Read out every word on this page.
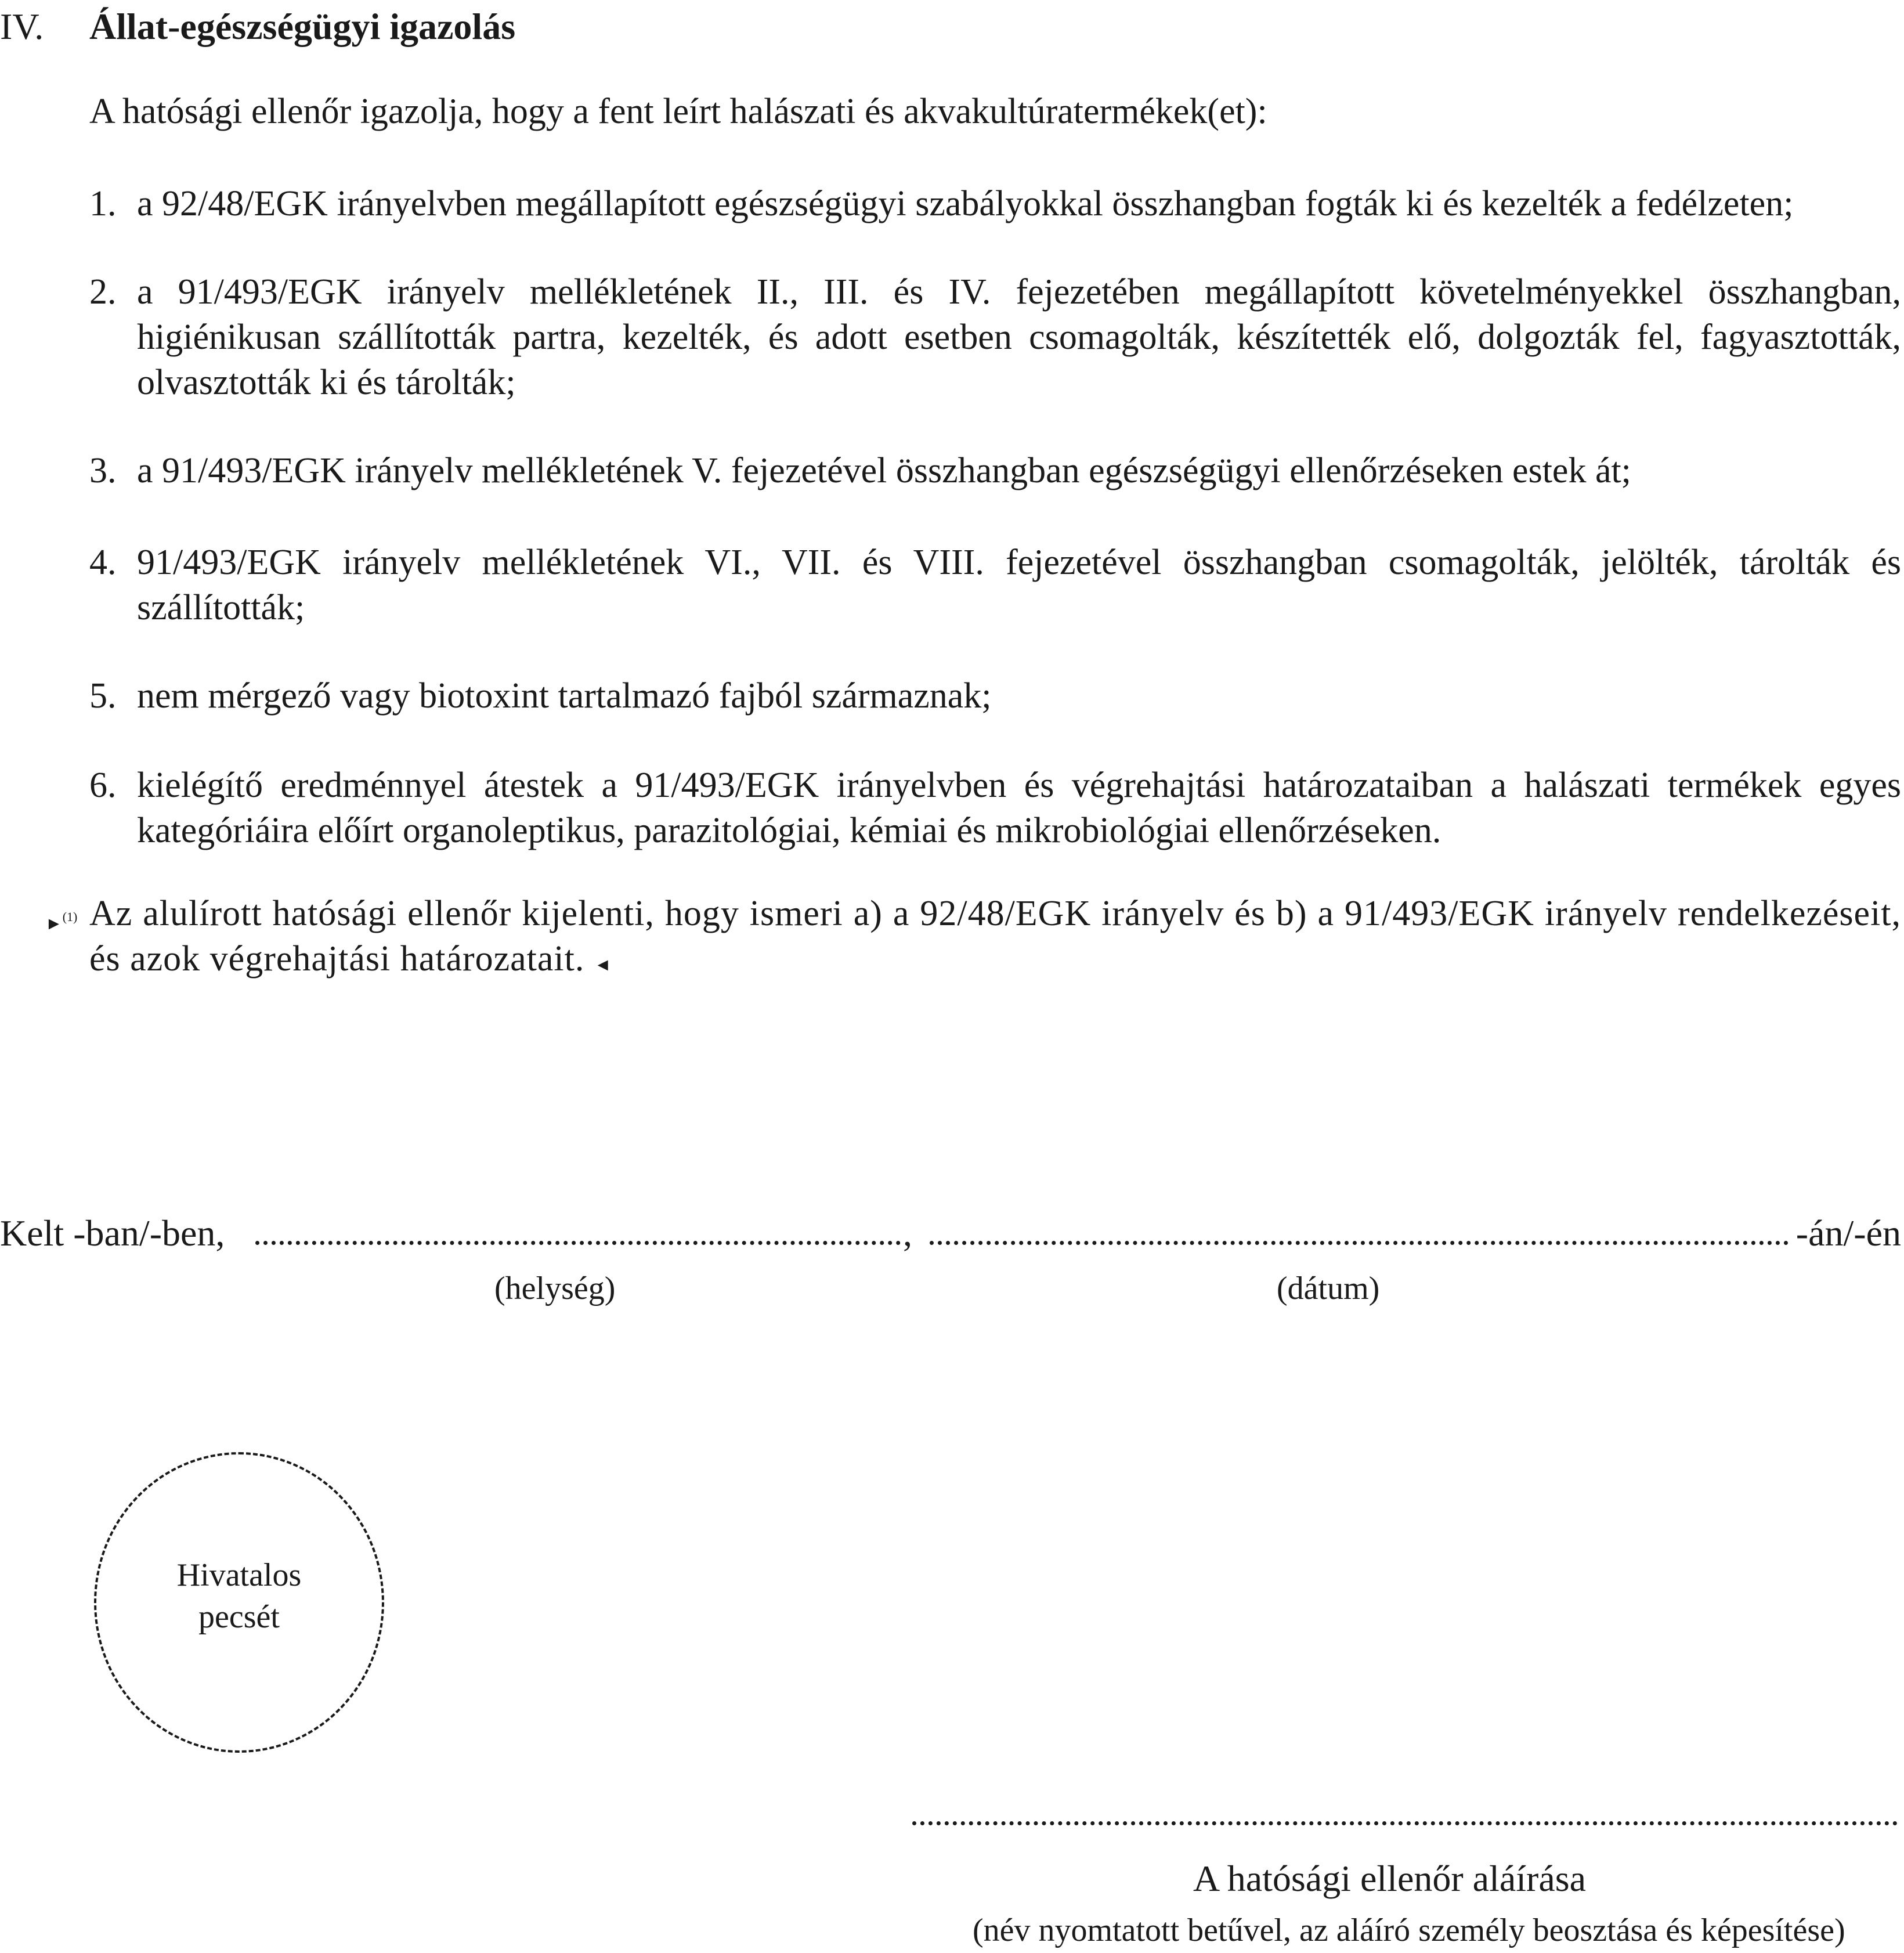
IV. Állat-egészségügyi igazolás
A hatósági ellenőr igazolja, hogy a fent leírt halászati és akvakultúratermékek(et):
1. a 92/48/EGK irányelvben megállapított egészségügyi szabályokkal összhangban fogták ki és kezelték a fedélzeten;
2. a 91/493/EGK irányelv mellékletének II., III. és IV. fejezetében megállapított követelményekkel összhangban,
higiénikusan szállították partra, kezelték, és adott esetben csomagolták, készítették elő, dolgozták fel, fagyasztották,
olvasztották ki és tárolták;
3. a 91/493/EGK irányelv mellékletének V. fejezetével összhangban egészségügyi ellenőrzéseken estek át;
4. 91/493/EGK irányelv mellékletének VI., VII. és VIII. fejezetével összhangban csomagolták, jelölték, tárolták és
szállították;
5. nem mérgező vagy biotoxint tartalmazó fajból származnak;
6. kielégítő eredménnyel átestek a 91/493/EGK irányelvben és végrehajtási határozataiban a halászati termékek egyes
kategóriáira előírt organoleptikus, parazitológiai, kémiai és mikrobiológiai ellenőrzéseken.
►$^{(1)}$ Az alulírott hatósági ellenőr kijelenti, hogy ismeri a) a 92/48/EGK irányelv és b) a 91/493/EGK irányelv rendelkezéseit,
és azok végrehajtási határozatait. ◄
Kelt -ban/-ben,	,	-án/-én
(helység)	(dátum)
Hivatalos
pecsét
A hatósági ellenőr aláírása
(név nyomtatott betűvel, az aláíró személy beosztása és képesítése)
